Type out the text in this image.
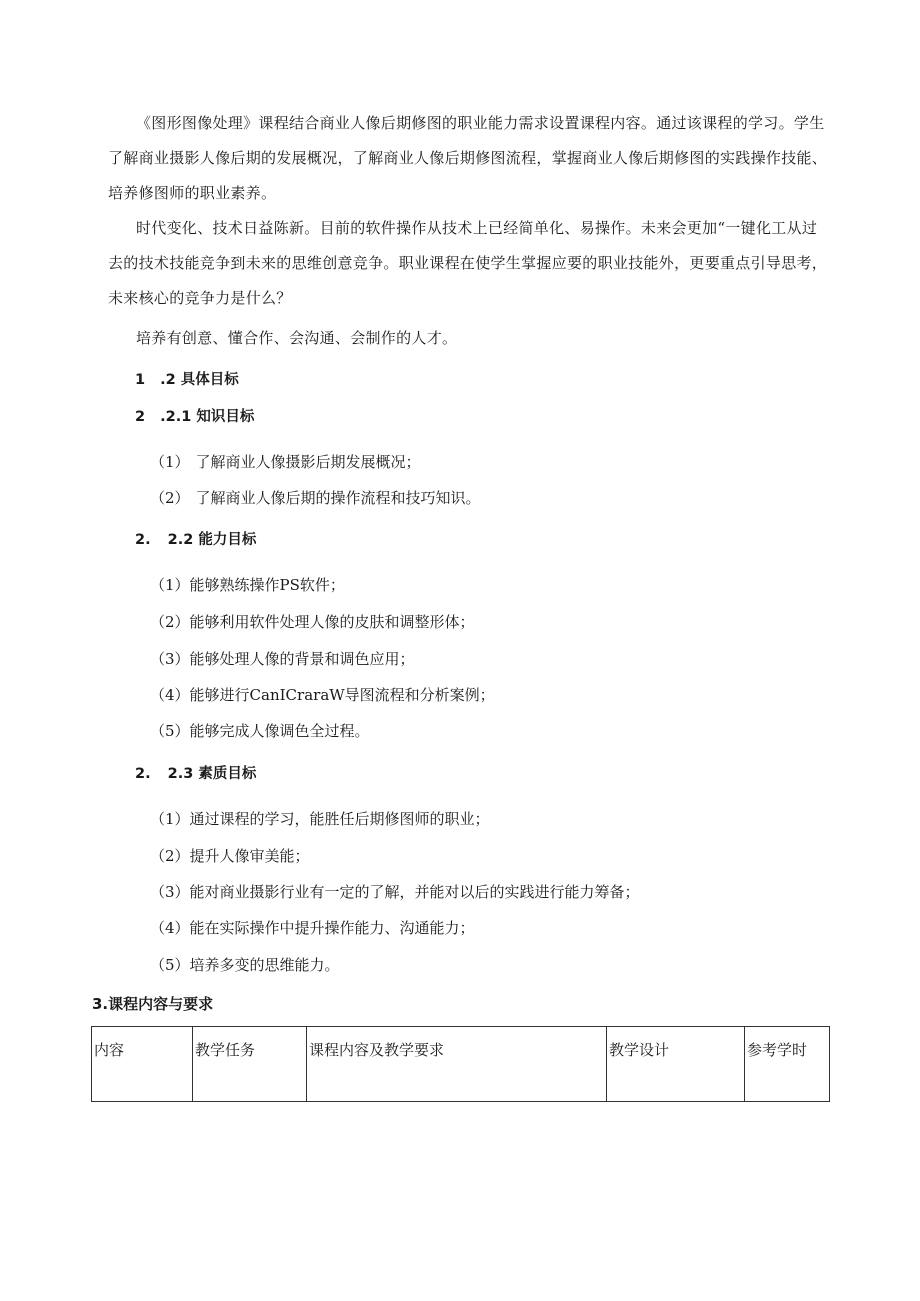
《图形图像处理》课程结合商业人像后期修图的职业能力需求设置课程内容。通过该课程的学习。学生了解商业摄影人像后期的发展概况，了解商业人像后期修图流程，掌握商业人像后期修图的实践操作技能、培养修图师的职业素养。

时代变化、技术日益陈新。目前的软件操作从技术上已经简单化、易操作。未来会更加“一键化工从过去的技术技能竞争到未来的思维创意竞争。职业课程在使学生掌握应要的职业技能外，更要重点引导思考，未来核心的竞争力是什么？

培养有创意、懂合作、会沟通、会制作的人才。

1 .2 具体目标
2 .2.1 知识目标
（1） 了解商业人像摄影后期发展概况；
（2） 了解商业人像后期的操作流程和技巧知识。
2. 2.2 能力目标
（1）能够熟练操作PS软件；
（2）能够利用软件处理人像的皮肤和调整形体；
（3）能够处理人像的背景和调色应用；
（4）能够进行CanICraraW导图流程和分析案例；
（5）能够完成人像调色全过程。
2. 2.3 素质目标
（1）通过课程的学习，能胜任后期修图师的职业；
（2）提升人像审美能；
（3）能对商业摄影行业有一定的了解，并能对以后的实践进行能力筹备；
（4）能在实际操作中提升操作能力、沟通能力；
（5）培养多变的思维能力。
3.课程内容与要求
内容	教学任务	课程内容及教学要求	教学设计	参考学时
